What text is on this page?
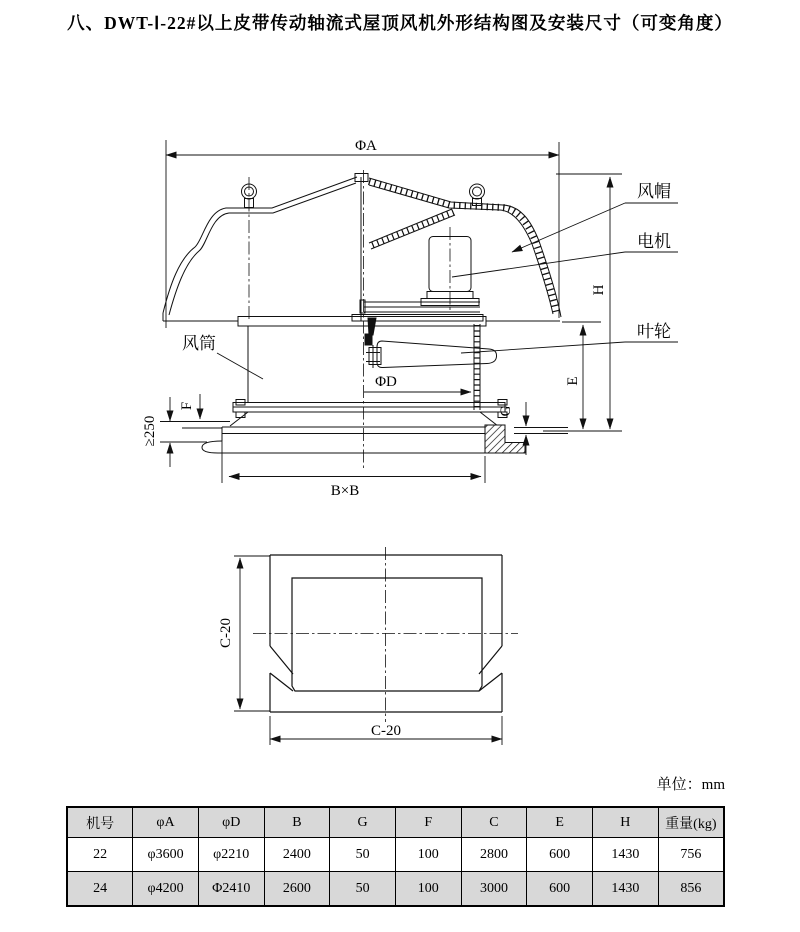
八、DWT-Ⅰ-22#以上皮带传动轴流式屋顶风机外形结构图及安装尺寸（可变角度）
ΦA
ΦD
B×B
H
E
F	G
≥250
风帽
电机
叶轮
风筒
C-20
C-20
单位：mm
机号	φA	φD	B	G	F	C	E	H	重量(kg)
22	φ3600	φ2210	2400	50	100	2800	600	1430	756
24	φ4200	Φ2410	2600	50	100	3000	600	1430	856
